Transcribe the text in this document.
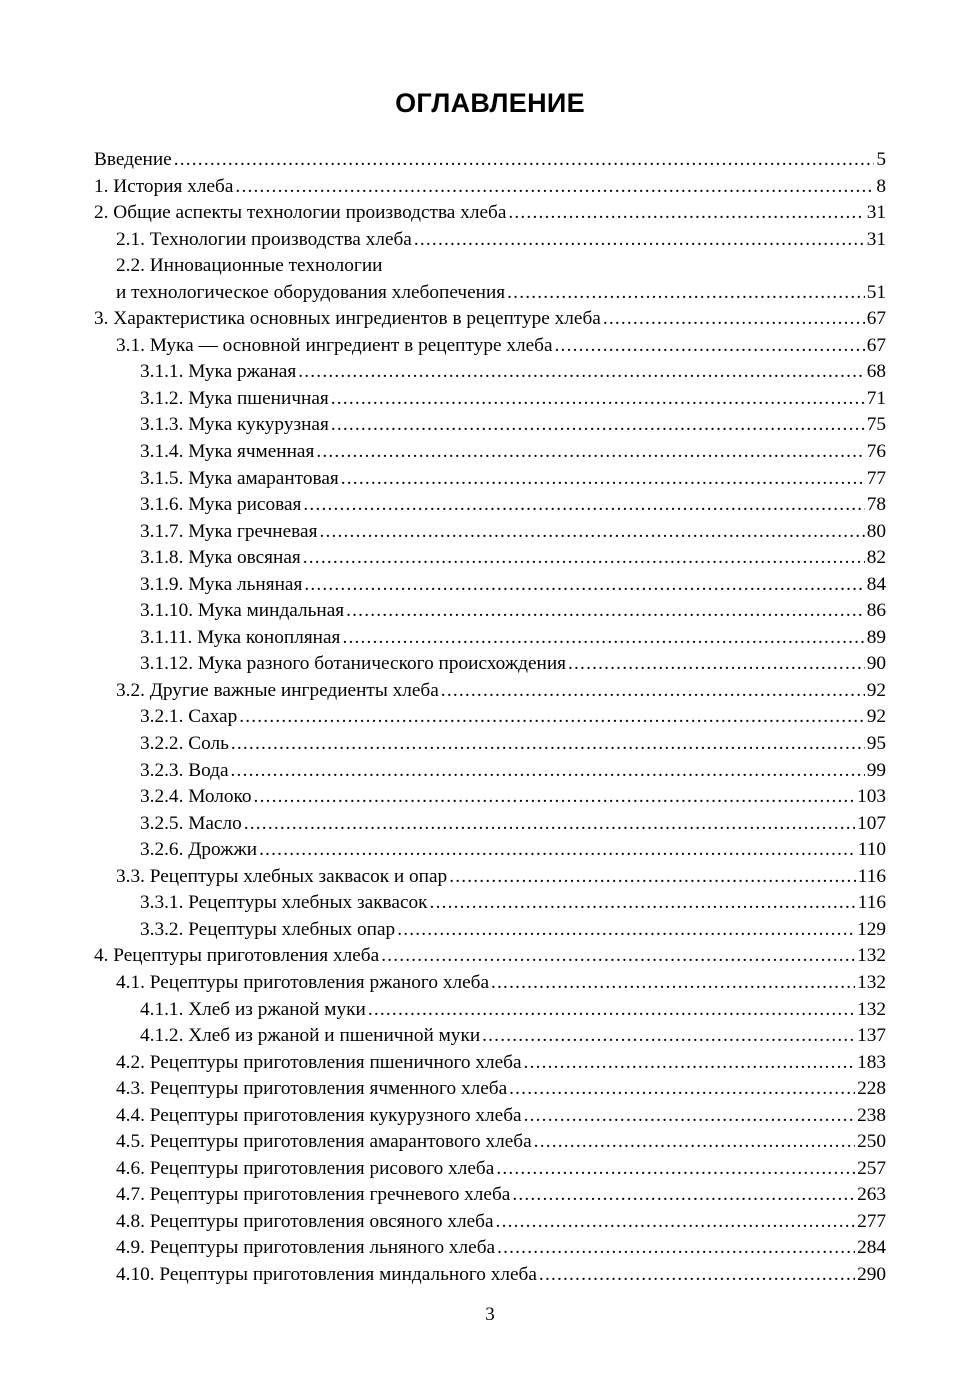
ОГЛАВЛЕНИЕ
Введение .....	5
1. История хлеба .....	8
2. Общие аспекты технологии производства хлеба .....	31
2.1. Технологии производства хлеба .....	31
2.2. Инновационные технологии
и технологическое оборудования хлебопечения .....	51
3. Характеристика основных ингредиентов в рецептуре хлеба .....	67
3.1. Мука — основной ингредиент в рецептуре хлеба .....	67
3.1.1. Мука ржаная .....	68
3.1.2. Мука пшеничная .....	71
3.1.3. Мука кукурузная .....	75
3.1.4. Мука ячменная .....	76
3.1.5. Мука амарантовая .....	77
3.1.6. Мука рисовая .....	78
3.1.7. Мука гречневая .....	80
3.1.8. Мука овсяная .....	82
3.1.9. Мука льняная .....	84
3.1.10. Мука миндальная .....	86
3.1.11. Мука конопляная .....	89
3.1.12. Мука разного ботанического происхождения .....	90
3.2. Другие важные ингредиенты хлеба .....	92
3.2.1. Сахар .....	92
3.2.2. Соль .....	95
3.2.3. Вода .....	99
3.2.4. Молоко .....	103
3.2.5. Масло .....	107
3.2.6. Дрожжи .....	110
3.3. Рецептуры хлебных заквасок и опар .....	116
3.3.1. Рецептуры хлебных заквасок .....	116
3.3.2. Рецептуры хлебных опар .....	129
4. Рецептуры приготовления хлеба .....	132
4.1. Рецептуры приготовления ржаного хлеба .....	132
4.1.1. Хлеб из ржаной муки .....	132
4.1.2. Хлеб из ржаной и пшеничной муки .....	137
4.2. Рецептуры приготовления пшеничного хлеба .....	183
4.3. Рецептуры приготовления ячменного хлеба .....	228
4.4. Рецептуры приготовления кукурузного хлеба .....	238
4.5. Рецептуры приготовления амарантового хлеба .....	250
4.6. Рецептуры приготовления рисового хлеба .....	257
4.7. Рецептуры приготовления гречневого хлеба .....	263
4.8. Рецептуры приготовления овсяного хлеба .....	277
4.9. Рецептуры приготовления льняного хлеба .....	284
4.10. Рецептуры приготовления миндального хлеба .....	290
3
